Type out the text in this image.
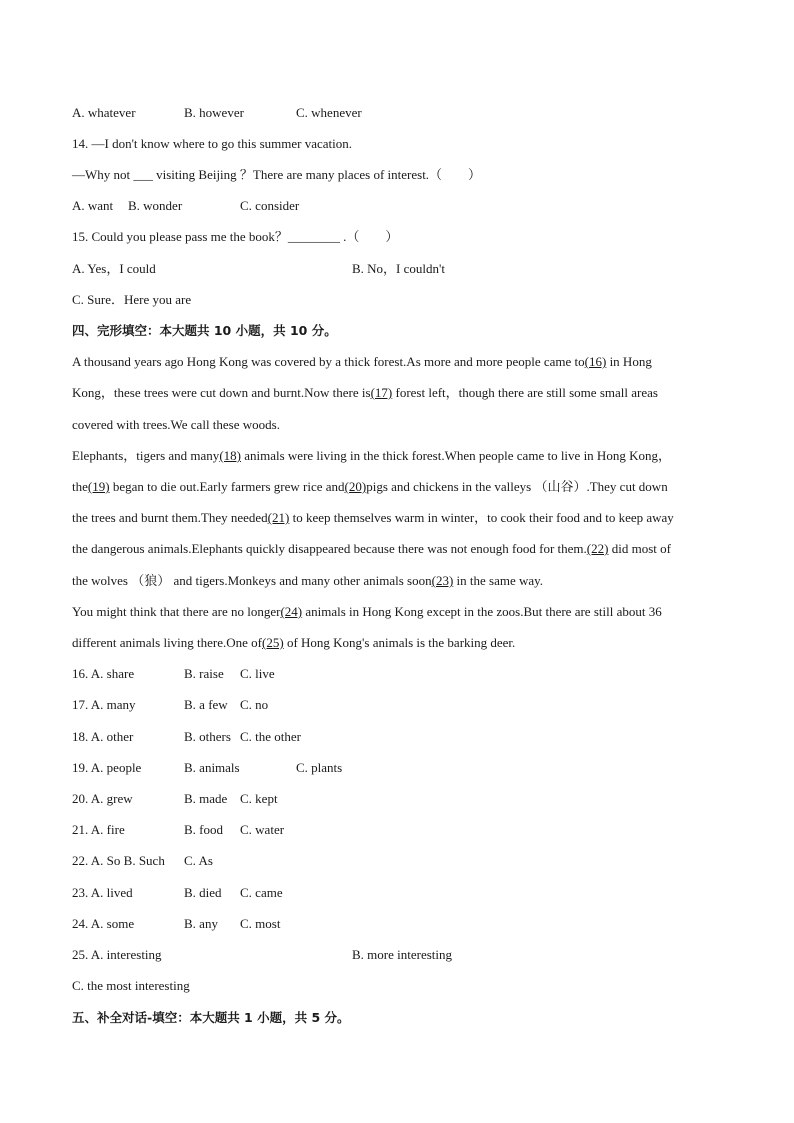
A. whatever	B. however	C. whenever
14. —I don't know where to go this summer vacation.
—Why not ___ visiting Beijing ？There are many places of interest.（　　）
A. want B. wonder	C. consider
15. Could you please pass me the book？________ .（　　）
A. Yes，I could	B. No，I couldn't
C. Sure．Here you are
四、完形填空：本大题共 10 小题，共 10 分。
A thousand years ago Hong Kong was covered by a thick forest.As more and more people came to(16) in Hong
Kong，these trees were cut down and burnt.Now there is(17) forest left，though there are still some small areas
covered with trees.We call these woods.
Elephants，tigers and many(18) animals were living in the thick forest.When people came to live in Hong Kong，
the(19) began to die out.Early farmers grew rice and(20)pigs and chickens in the valleys （山谷）.They cut down
the trees and burnt them.They needed(21) to keep themselves warm in winter，to cook their food and to keep away
the dangerous animals.Elephants quickly disappeared because there was not enough food for them.(22) did most of
the wolves （狼） and tigers.Monkeys and many other animals soon(23) in the same way.
You might think that there are no longer(24) animals in Hong Kong except in the zoos.But there are still about 36
different animals living there.One of(25) of Hong Kong's animals is the barking deer.
16. A. share	B. raise C. live
17. A. many	B. a few C. no
18. A. other	B. others C. the other
19. A. people	B. animals	C. plants
20. A. grew	B. made C. kept
21. A. fire	B. food C. water
22. A. So B. Such C. As
23. A. lived	B. died C. came
24. A. some	B. any C. most
25. A. interesting	B. more interesting
C. the most interesting
五、补全对话-填空：本大题共 1 小题，共 5 分。
